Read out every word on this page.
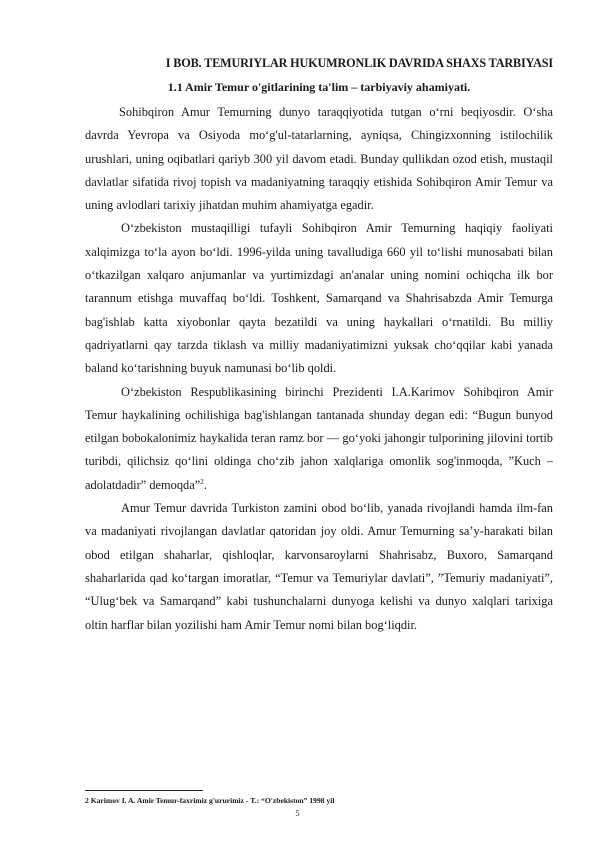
I BOB. TEMURIYLAR HUKUMRONLIK DAVRIDA SHAXS TARBIYASI
1.1 Amir Temur o'gitlarining ta'lim – tarbiyaviy ahamiyati.

Sohibqiron Amur Temurning dunyo taraqqiyotida tutgan o‘rni beqiyosdir. O‘sha davrda Yevropa va Osiyoda mo‘g'ul-tatarlarning, ayniqsa, Chingizxonning istilochilik urushlari, uning oqibatlari qariyb 300 yil davom etadi. Bunday qullikdan ozod etish, mustaqil davlatlar sifatida rivoj topish va madaniyatning taraqqiy etishida Sohibqiron Amir Temur va uning avlodlari tarixiy jihatdan muhim ahamiyatga egadir.

O‘zbekiston mustaqilligi tufayli Sohibqiron Amir Temurning haqiqiy faoliyati xalqimizga to‘la ayon bo‘ldi. 1996-yilda uning tavalludiga 660 yil to‘lishi munosabati bilan o‘tkazilgan xalqaro anjumanlar va yurtimizdagi an'analar uning nomini ochiqcha ilk bor tarannum etishga muvaffaq bo‘ldi. Toshkent, Samarqand va Shahrisabzda Amir Temurga bag'ishlab katta xiyobonlar qayta bezatildi va uning haykallari o‘rnatildi. Bu milliy qadriyatlarni qay tarzda tiklash va milliy madaniyatimizni yuksak cho‘qqilar kabi yanada baland ko‘tarishning buyuk namunasi bo‘lib qoldi.

O‘zbekiston Respublikasining birinchi Prezidenti I.A.Karimov Sohibqiron Amir Temur haykalining ochilishiga bag'ishlangan tantanada shunday degan edi: “Bugun bunyod etilgan bobokalonimiz haykalida teran ramz bor — go‘yoki jahongir tulporining jilovini tortib turibdi, qilichsiz qo‘lini oldinga cho‘zib jahon xalqlariga omonlik sog'inmoqda, ”Kuch – adolatdadir” demoqda”$^2$.

Amur Temur davrida Turkiston zamini obod bo‘lib, yanada rivojlandi hamda ilm-fan va madaniyati rivojlangan davlatlar qatoridan joy oldi. Amur Temurning sa’y-harakati bilan obod etilgan shaharlar, qishloqlar, karvonsaroylarni Shahrisabz, Buxoro, Samarqand shaharlarida qad ko‘targan imoratlar, “Temur va Temuriylar davlati”, ”Temuriy madaniyati”, “Ulug‘bek va Samarqand” kabi tushunchalarni dunyoga kelishi va dunyo xalqlari tarixiga oltin harflar bilan yozilishi ham Amir Temur nomi bilan bog‘liqdir.

2 Karimov I. A. Amir Temur-faxrimiz g'ururimiz - T.: “O'zbekiston” 1998 yil
5
